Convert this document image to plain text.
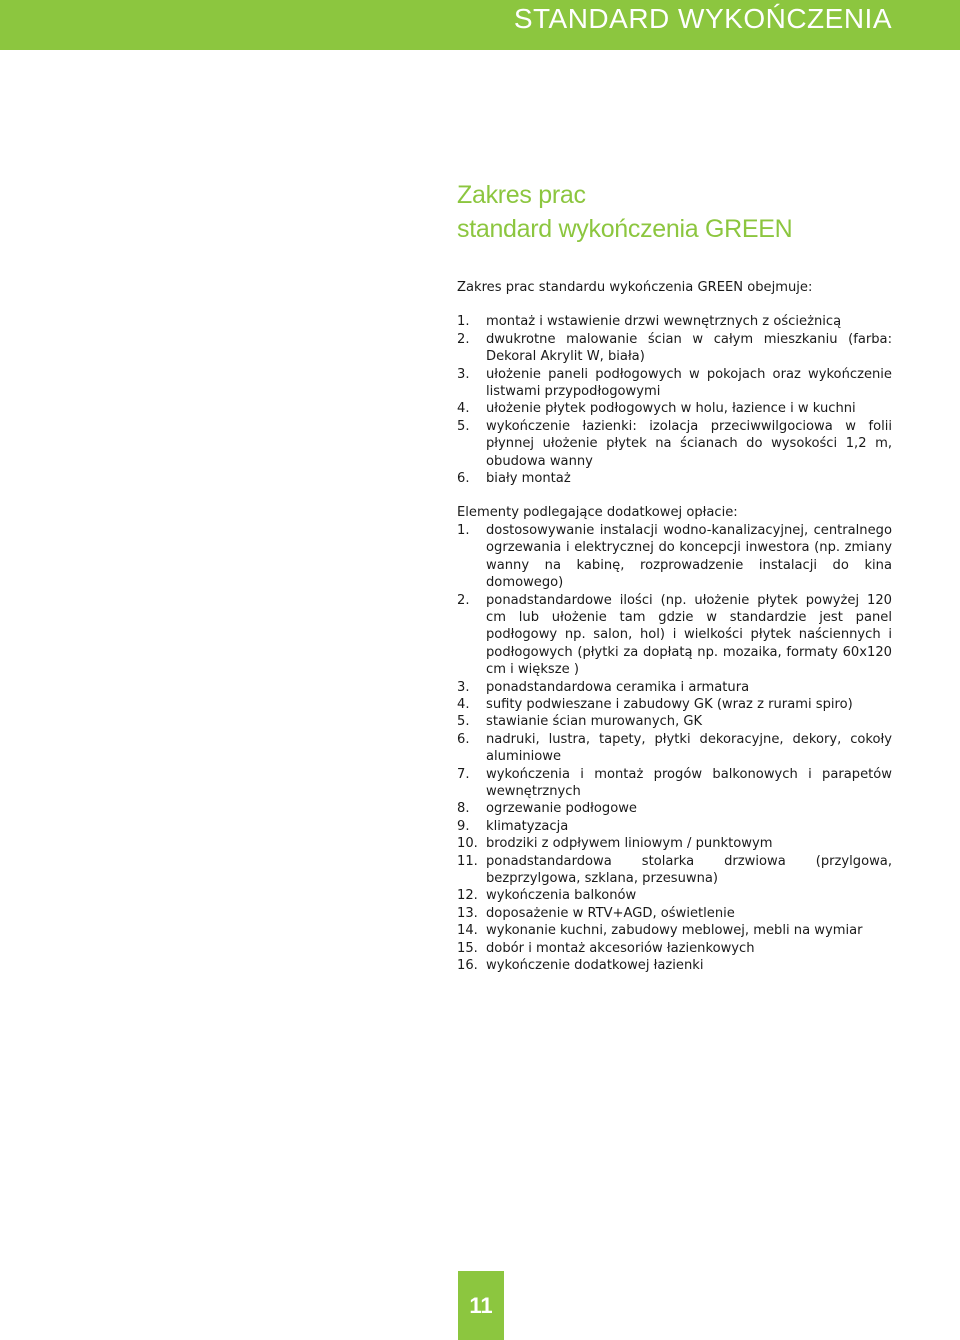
STANDARD WYKOŃCZENIA
Zakres prac
standard wykończenia GREEN

Zakres prac standardu wykończenia GREEN obejmuje:

1. montaż i wstawienie drzwi wewnętrznych z ościeżnicą
2. dwukrotne malowanie ścian w całym mieszkaniu (farba: Dekoral Akrylit W, biała)
3. ułożenie paneli podłogowych w pokojach oraz wykończenie listwami przypodłogowymi
4. ułożenie płytek podłogowych w holu, łazience i w kuchni
5. wykończenie łazienki: izolacja przeciwwilgociowa w folii płynnej ułożenie płytek na ścianach do wysokości 1,2 m, obudowa wanny
6. biały montaż

Elementy podlegające dodatkowej opłacie:

1. dostosowywanie instalacji wodno-kanalizacyjnej, centralnego ogrzewania i elektrycznej do koncepcji inwestora (np. zmiany wanny na kabinę, rozprowadzenie instalacji do kina domowego)
2. ponadstandardowe ilości (np. ułożenie płytek powyżej 120 cm lub ułożenie tam gdzie w standardzie jest panel podłogowy np. salon, hol) i wielkości płytek naściennych i podłogowych (płytki za dopłatą np. mozaika, formaty 60x120 cm i większe )
3. ponadstandardowa ceramika i armatura
4. sufity podwieszane i zabudowy GK (wraz z rurami spiro)
5. stawianie ścian murowanych, GK
6. nadruki, lustra, tapety, płytki dekoracyjne, dekory, cokoły aluminiowe
7. wykończenia i montaż progów balkonowych i parapetów wewnętrznych
8. ogrzewanie podłogowe
9. klimatyzacja
10. brodziki z odpływem liniowym / punktowym
11. ponadstandardowa stolarka drzwiowa (przylgowa, bezprzylgowa, szklana, przesuwna)
12. wykończenia balkonów
13. doposażenie w RTV+AGD, oświetlenie
14. wykonanie kuchni, zabudowy meblowej, mebli na wymiar
15. dobór i montaż akcesoriów łazienkowych
16. wykończenie dodatkowej łazienki
11
